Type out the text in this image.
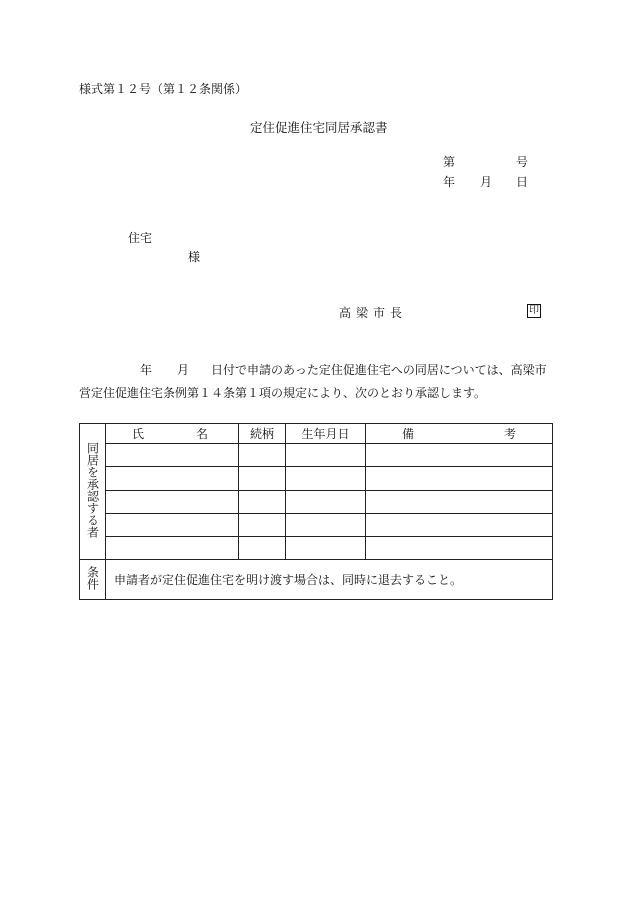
様式第１２号（第１２条関係）
定住促進住宅同居承認書
第	号
年 月 日
住宅
様
高梁市長	印
年 月 日付で申請のあった定住促進住宅への同居については、高梁市
営定住促進住宅条例第１４条第１項の規定により、次のとおり承認します。
同居を承認する者	氏 名	続柄	生年月日	備 考

条件	申請者が定住促進住宅を明け渡す場合は、同時に退去すること。			
